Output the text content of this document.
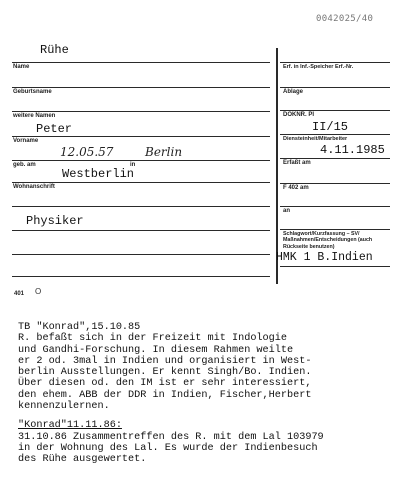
0042025/40
Rühe
Name
Geburtsname
weitere Namen
Peter
Vorname
12.05.57	Berlin
geb. am	in
Westberlin
Wohnanschrift
Physiker
401 O
Erf. in Inf.-Speicher Erf.-Nr.
Ablage
DOKNR. PI
II/15
Diensteinheit/Mitarbeiter
4.11.1985
Erfaßt am
F 402 am
an
Schlagwort/Kurzfassung – SV/ Maßnahmen/Entscheidungen (auch Rückseite benutzen)
HMK 1 B.Indien
TB "Konrad",15.10.85
R. befaßt sich in der Freizeit mit Indologie
und Gandhi-Forschung. In diesem Rahmen weilte
er 2 od. 3mal in Indien und organisiert in West-
berlin Ausstellungen. Er kennt Singh/Bo. Indien.
Über diesen od. den IM ist er sehr interessiert,
den ehem. ABB der DDR in Indien, Fischer,Herbert
kennenzulernen.
"Konrad"11.11.86:
31.10.86 Zusammentreffen des R. mit dem Lal 103979
in der Wohnung des Lal. Es wurde der Indienbesuch
des Rühe ausgewertet.
